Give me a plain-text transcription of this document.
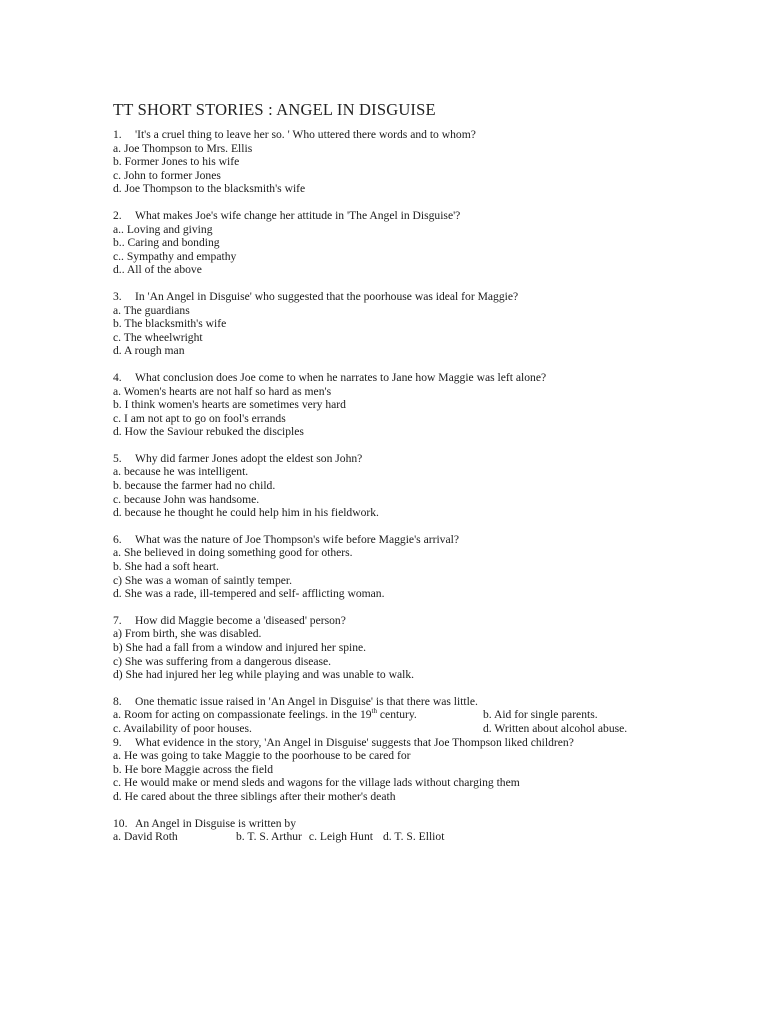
TT SHORT STORIES : ANGEL IN DISGUISE
1. 'It's a cruel thing to leave her so. ' Who uttered there words and to whom?
a. Joe Thompson to Mrs. Ellis
b. Former Jones to his wife
c. John to former Jones
d. Joe Thompson to the blacksmith's wife
2. What makes Joe's wife change her attitude in 'The Angel in Disguise'?
a.. Loving and giving
b.. Caring and bonding
c.. Sympathy and empathy
d.. All of the above
3. In 'An Angel in Disguise' who suggested that the poorhouse was ideal for Maggie?
a. The guardians
b. The blacksmith's wife
c. The wheelwright
d. A rough man
4. What conclusion does Joe come to when he narrates to Jane how Maggie was left alone?
a. Women's hearts are not half so hard as men's
b. I think women's hearts are sometimes very hard
c. I am not apt to go on fool's errands
d. How the Saviour rebuked the disciples
5. Why did farmer Jones adopt the eldest son John?
a. because he was intelligent.
b. because the farmer had no child.
c. because John was handsome.
d. because he thought he could help him in his fieldwork.
6. What was the nature of Joe Thompson's wife before Maggie's arrival?
a. She believed in doing something good for others.
b. She had a soft heart.
c) She was a woman of saintly temper.
d. She was a rade, ill-tempered and self- afflicting woman.
7. How did Maggie become a 'diseased' person?
a) From birth, she was disabled.
b) She had a fall from a window and injured her spine.
c) She was suffering from a dangerous disease.
d) She had injured her leg while playing and was unable to walk.
8. One thematic issue raised in 'An Angel in Disguise' is that there was little.
a. Room for acting on compassionate feelings. in the 19th century.	b. Aid for single parents.
c. Availability of poor houses.	d. Written about alcohol abuse.
9. What evidence in the story, 'An Angel in Disguise' suggests that Joe Thompson liked children?
a. He was going to take Maggie to the poorhouse to be cared for
b. He bore Maggie across the field
c. He would make or mend sleds and wagons for the village lads without charging them
d. He cared about the three siblings after their mother's death
10. An Angel in Disguise is written by
a. David Roth	b. T. S. Arthur c. Leigh Hunt d. T. S. Elliot
